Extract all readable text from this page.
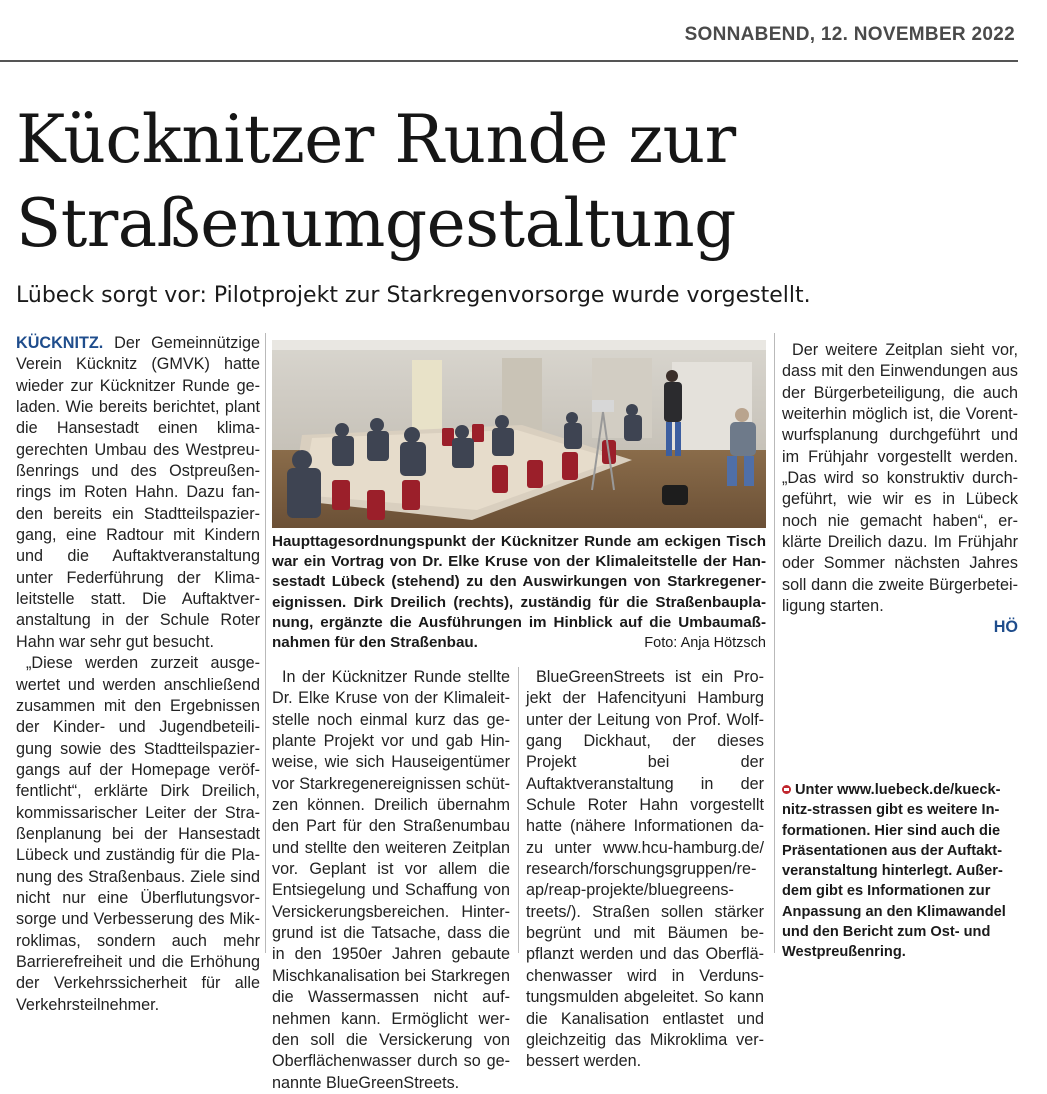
SONNABEND, 12. NOVEMBER 2022
Kücknitzer Runde zur
Straßenumgestaltung

Lübeck sorgt vor: Pilotprojekt zur Starkregenvorsorge wurde vorgestellt.

KÜCKNITZ. Der Gemeinnützige Verein Kücknitz (GMVK) hatte wieder zur Kücknitzer Runde geladen. Wie bereits berichtet, plant die Hansestadt einen klimagerechten Umbau des Westpreußenrings und des Ostpreußenrings im Roten Hahn. Dazu fanden bereits ein Stadtteilspaziergang, eine Radtour mit Kindern und die Auftaktveranstaltung unter Federführung der Klimaleitstelle statt. Die Auftaktveranstaltung in der Schule Roter Hahn war sehr gut besucht.

„Diese werden zurzeit ausgewertet und werden anschließend zusammen mit den Ergebnissen der Kinder- und Jugendbeteiligung sowie des Stadtteilspaziergangs auf der Homepage veröffentlicht“, erklärte Dirk Dreilich, kommissarischer Leiter der Straßenplanung bei der Hansestadt Lübeck und zuständig für die Planung des Straßenbaus. Ziele sind nicht nur eine Überflutungsvorsorge und Verbesserung des Mikroklimas, sondern auch mehr Barrierefreiheit und die Erhöhung der Verkehrssicherheit für alle Verkehrsteilnehmer.

Haupttagesordnungspunkt der Kücknitzer Runde am eckigen Tisch war ein Vortrag von Dr. Elke Kruse von der Klimaleitstelle der Hansestadt Lübeck (stehend) zu den Auswirkungen von Starkregenereignissen. Dirk Dreilich (rechts), zuständig für die Straßenbauplanung, ergänzte die Ausführungen im Hinblick auf die Umbaumaßnahmen für den Straßenbau.	Foto: Anja Hötzsch

In der Kücknitzer Runde stellte Dr. Elke Kruse von der Klimaleitstelle noch einmal kurz das geplante Projekt vor und gab Hinweise, wie sich Hauseigentümer vor Starkregenereignissen schützen können. Dreilich übernahm den Part für den Straßenumbau und stellte den weiteren Zeitplan vor. Geplant ist vor allem die Entsiegelung und Schaffung von Versickerungsbereichen. Hintergrund ist die Tatsache, dass die in den 1950er Jahren gebaute Mischkanalisation bei Starkregen die Wassermassen nicht aufnehmen kann. Ermöglicht werden soll die Versickerung von Oberflächenwasser durch so genannte BlueGreenStreets.

BlueGreenStreets ist ein Projekt der Hafencityuni Hamburg unter der Leitung von Prof. Wolfgang Dickhaut, der dieses Projekt bei der Auftaktveranstaltung in der Schule Roter Hahn vorgestellt hatte (nähere Informationen dazu unter www.hcu-hamburg.de/ research/forschungsgruppen/reap/reap-projekte/bluegreenstreets/). Straßen sollen stärker begrünt und mit Bäumen bepflanzt werden und das Oberflächenwasser wird in Verdunstungsmulden abgeleitet. So kann die Kanalisation entlastet und gleichzeitig das Mikroklima verbessert werden.

Der weitere Zeitplan sieht vor, dass mit den Einwendungen aus der Bürgerbeteiligung, die auch weiterhin möglich ist, die Vorentwurfsplanung durchgeführt und im Frühjahr vorgestellt werden. „Das wird so konstruktiv durchgeführt, wie wir es in Lübeck noch nie gemacht haben“, erklärte Dreilich dazu. Im Frühjahr oder Sommer nächsten Jahres soll dann die zweite Bürgerbeteiligung starten.
HÖ

Unter www.luebeck.de/kuecknitz-strassen gibt es weitere Informationen. Hier sind auch die Präsentationen aus der Auftaktveranstaltung hinterlegt. Außerdem gibt es Informationen zur Anpassung an den Klimawandel und den Bericht zum Ost- und Westpreußenring.
